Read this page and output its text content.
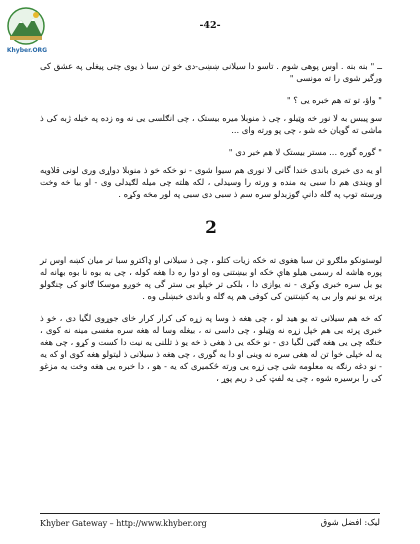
Khyber.ORG
-42-

ــ " بنه بنه . اوس پوهی شوم . تاسو دا سیلانی ښښی-دی خو تن سبا ذ یوی چتی پیغلی په عشق کی ورگیر شوی را ته مونسی "

" واؤ، تو ته هم خبره یی ؟ "

سو پیبس به لا نور خه وټیلو ، چی ذ منوبلا میره بیستک ، چی انګلسی یی نه وه زده په خیله ژبه کی ذ ماشی ته گویان خه شو ، چی پو ورته وای ...

" گوره گوره ... مستر بیستک لا هم خبر دی "

او یه دی خبری باندی خندا گانی لا نوری هم سیوا شوی - نو خکه خو ذ منوبلا دواړی وری لونی قلاویه او ویندی هم دا سبی یه منده و ورته را وسیدلی ، لکه هلته چی میله لګیدلی وی - او بیا خه وخت ورسته توپ په ګله دانې ګوزبدلو سره سم ذ سبی دی سبی په لور مخه وکړه .

2

لوستونکو ملګرو تن سبا هغوی ته خکه زیات کتلو ، چی ذ سیلانی او ډاکترو سبا تر میان کښه اوس تر پوره هاشه له رسمی هیلو هاې خکه او بیښتنی وه او دوا ره دا هغه کوله ، چی به بوه نا بوه بهانه له یو بل سره خبری وکړی - نه یوازی دا ، بلکی تر خپلو بی ستر گی په خوږو موسکا ګانو کی چنګولو پرته یو نیم وار بی په کښتنین کی کوفی هم په ګله و باندی خبښلی وه .

که خه هم سیلانی ته یو هید لو ، چی هغه ذ وسا په زړه کی کرار کرار خای جوړوی لگیا دی ، خو ذ خبری پرته یی هم خپل زړه نه وټیلو ، چی داسی نه ، بیغله وسا له هغه سره مغسی مینه نه کوی ، خنګه چی یی هغه ګټی لگیا دی - نو خکه یی ذ هغی ذ خه یو ذ تللنی یه نیت دا کست و کړو ، چی هغه یه له خپلی خوا تن له هغی سره نه وینی او دا یه گوری ، چی هغه ذ سیلانی ذ لیتولو هغه کوی او که یه - نو دغه رنګه یه معلومه شی چی زړه یی ورته څکمیری که یه - هو ، دا خبره یی هغه وخت یه مزغو کی را برسیره شوه ، چی یه لفټ کی د ریم پوړ ،

Khyber Gateway – http://www.khyber.org	لیک: افضل شوق
